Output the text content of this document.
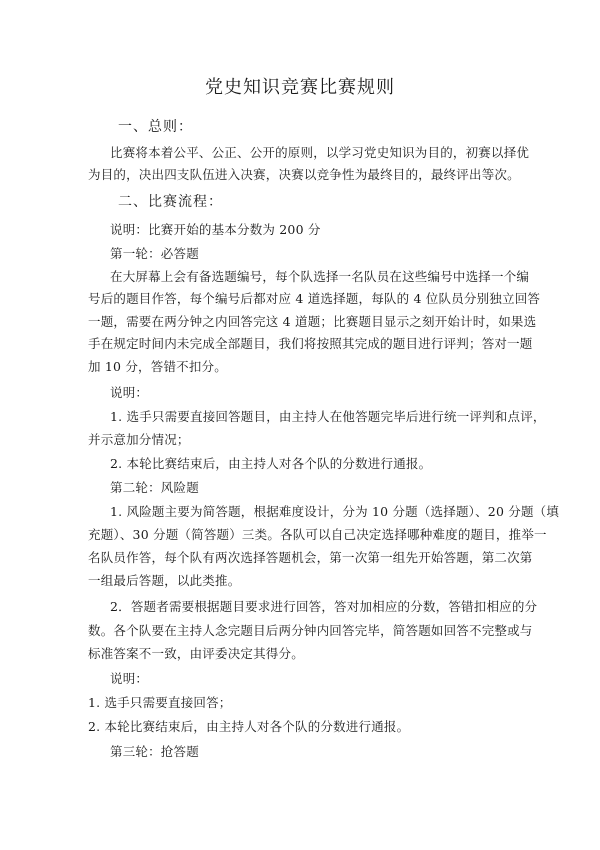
党史知识竞赛比赛规则
一、总则：
比赛将本着公平、公正、公开的原则，以学习党史知识为目的，初赛以择优
为目的，决出四支队伍进入决赛，决赛以竞争性为最终目的，最终评出等次。
二、比赛流程：
说明：比赛开始的基本分数为 200 分
第一轮：必答题
在大屏幕上会有备选题编号，每个队选择一名队员在这些编号中选择一个编
号后的题目作答，每个编号后都对应 4 道选择题，每队的 4 位队员分别独立回答
一题，需要在两分钟之内回答完这 4 道题；比赛题目显示之刻开始计时，如果选
手在规定时间内未完成全部题目，我们将按照其完成的题目进行评判；答对一题
加 10 分，答错不扣分。
说明：
1. 选手只需要直接回答题目，由主持人在他答题完毕后进行统一评判和点评，
并示意加分情况；
2. 本轮比赛结束后，由主持人对各个队的分数进行通报。
第二轮：风险题
1. 风险题主要为简答题，根据难度设计，分为 10 分题（选择题）、20 分题（填
充题）、30 分题（简答题）三类。各队可以自己决定选择哪种难度的题目，推举一
名队员作答，每个队有两次选择答题机会，第一次第一组先开始答题，第二次第
一组最后答题，以此类推。
2．答题者需要根据题目要求进行回答，答对加相应的分数，答错扣相应的分
数。各个队要在主持人念完题目后两分钟内回答完毕，简答题如回答不完整或与
标准答案不一致，由评委决定其得分。
说明：
1. 选手只需要直接回答；
2. 本轮比赛结束后，由主持人对各个队的分数进行通报。
第三轮：抢答题
